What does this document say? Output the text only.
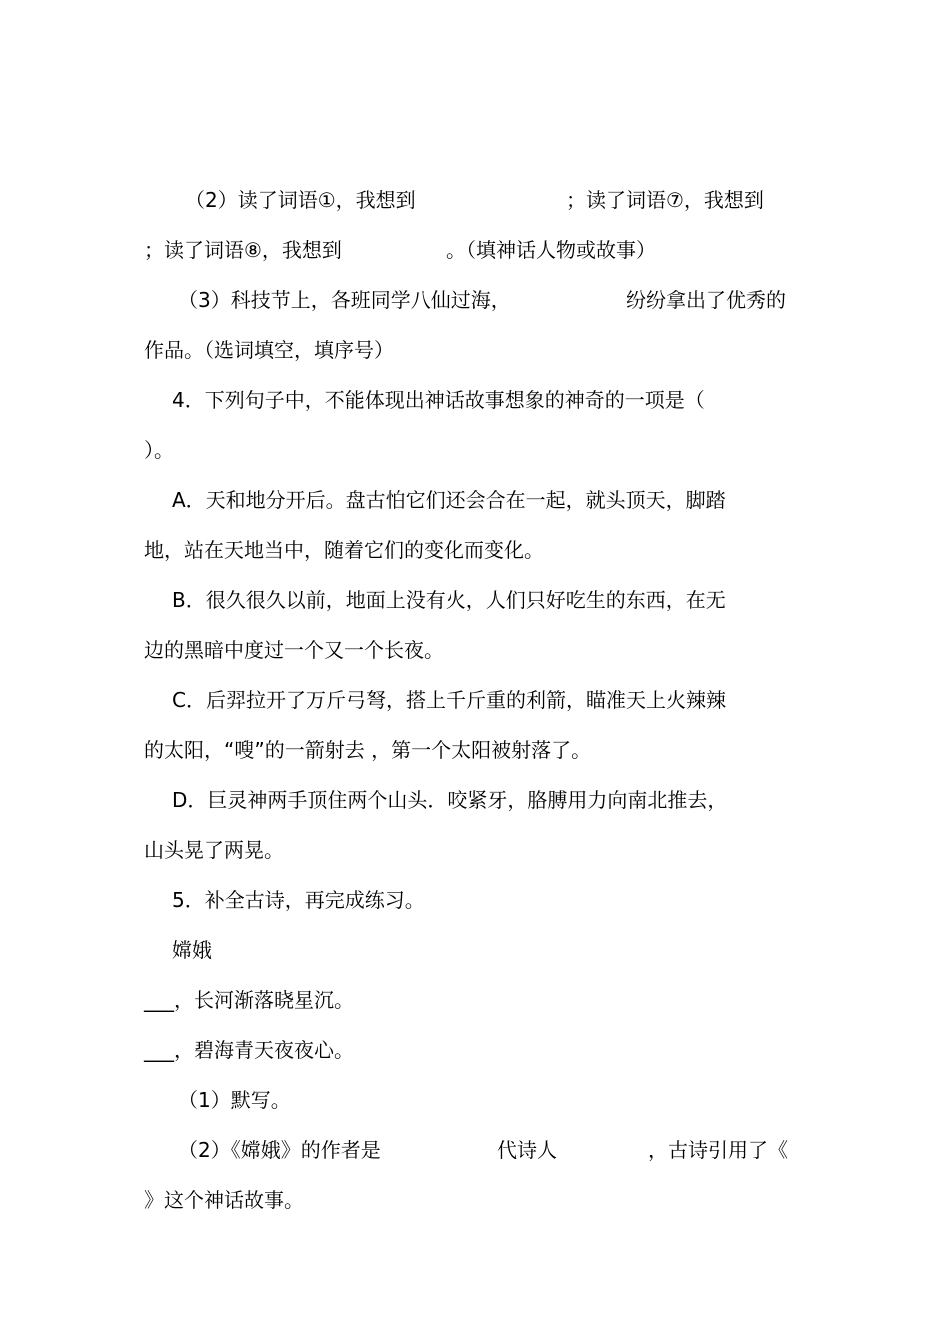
（2）读了词语①，我想到	；读了词语⑦，我想到
；读了词语⑧，我想到	。（填神话人物或故事）
（3）科技节上，各班同学八仙过海，	纷纷拿出了优秀的
作品。（选词填空，填序号）
4．下列句子中，不能体现出神话故事想象的神奇的一项是（
）。
A．天和地分开后。盘古怕它们还会合在一起，就头顶天，脚踏
地，站在天地当中，随着它们的变化而变化。
B．很久很久以前，地面上没有火，人们只好吃生的东西，在无
边的黑暗中度过一个又一个长夜。
C．后羿拉开了万斤弓弩，搭上千斤重的利箭，瞄准天上火辣辣
的太阳，“嗖”的一箭射去 ，第一个太阳被射落了。
D．巨灵神两手顶住两个山头．咬紧牙，胳膊用力向南北推去，
山头晃了两晃。
5．补全古诗，再完成练习。
嫦娥
___，长河渐落晓星沉。
___，碧海青天夜夜心。
（1）默写。
（2）《嫦娥》的作者是	代诗人	，古诗引用了《
》这个神话故事。
